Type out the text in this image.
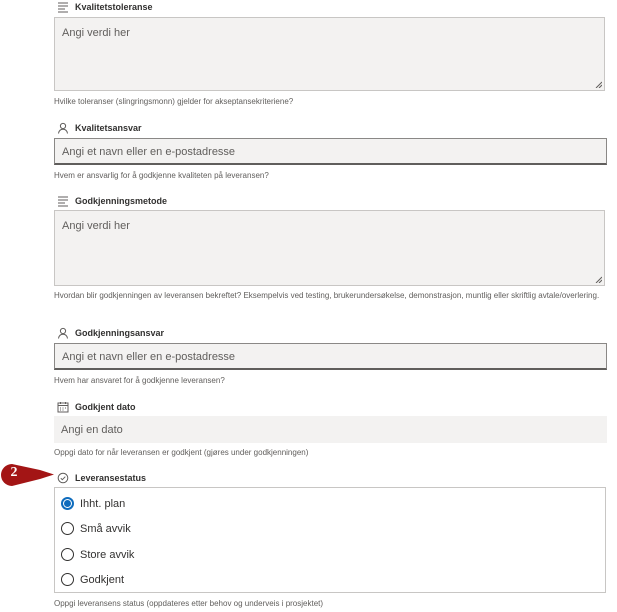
Kvalitetstoleranse
Angi verdi her
Hvilke toleranser (slingringsmonn) gjelder for akseptansekriteriene?
Kvalitetsansvar
Angi et navn eller en e-postadresse
Hvem er ansvarlig for å godkjenne kvaliteten på leveransen?
Godkjenningsmetode
Angi verdi her
Hvordan blir godkjenningen av leveransen bekreftet? Eksempelvis ved testing, brukerundersøkelse, demonstrasjon, muntlig eller skriftlig avtale/overlering.
Godkjenningsansvar
Angi et navn eller en e-postadresse
Hvem har ansvaret for å godkjenne leveransen?
Godkjent dato
Angi en dato
Oppgi dato for når leveransen er godkjent (gjøres under godkjenningen)
2	Leveransestatus
Ihht. plan
Små avvik
Store avvik
Godkjent
Oppgi leveransens status (oppdateres etter behov og underveis i prosjektet)
